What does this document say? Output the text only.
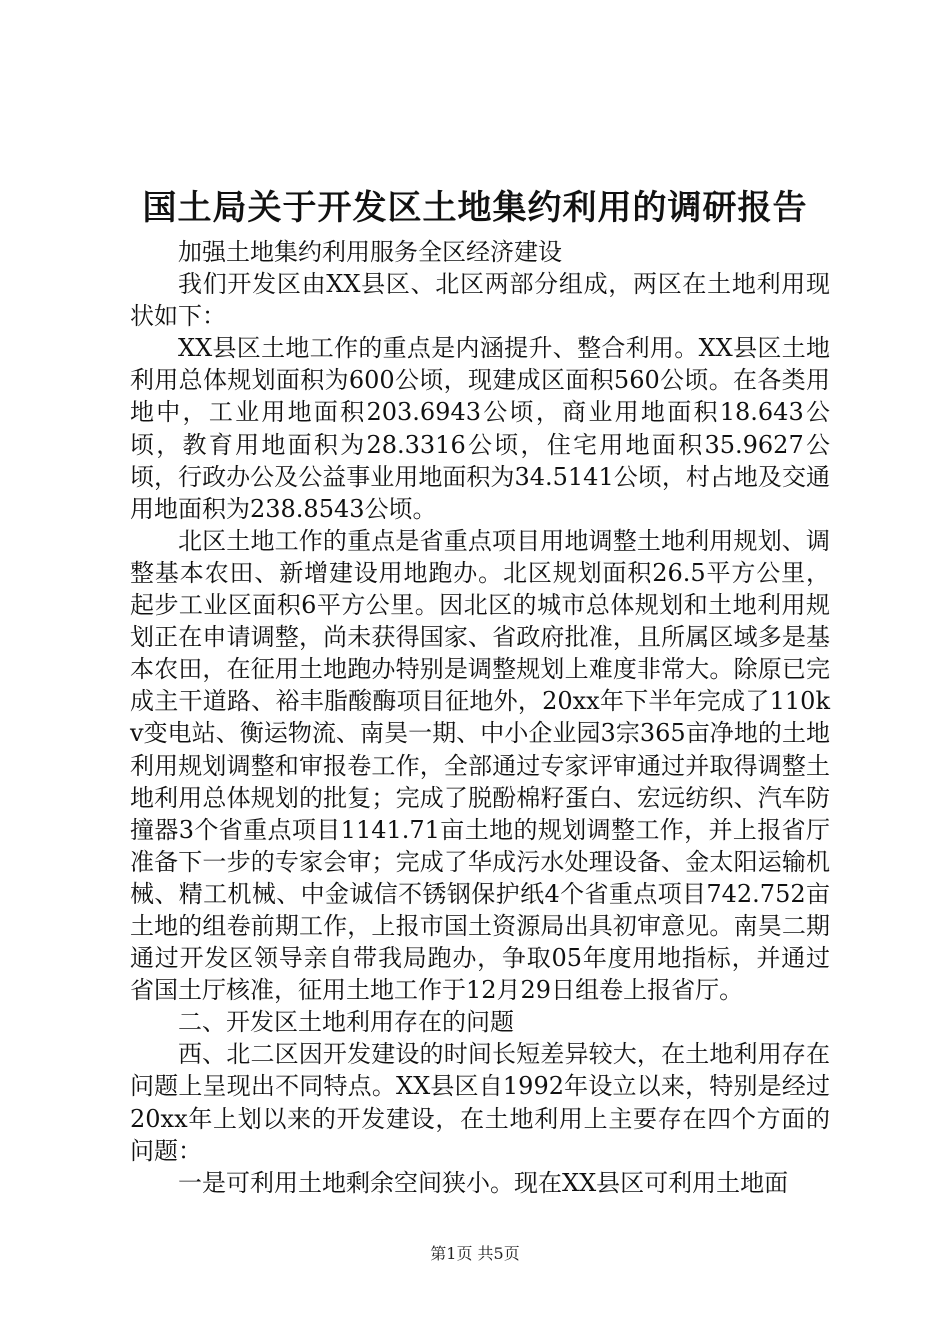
国土局关于开发区土地集约利用的调研报告

加强土地集约利用服务全区经济建设

我们开发区由XX县区、北区两部分组成，两区在土地利用现状如下：

XX县区土地工作的重点是内涵提升、整合利用。XX县区土地利用总体规划面积为600公顷，现建成区面积560公顷。在各类用地中，工业用地面积203.6943公顷，商业用地面积18.643公顷，教育用地面积为28.3316公顷，住宅用地面积35.9627公顷，行政办公及公益事业用地面积为34.5141公顷，村占地及交通用地面积为238.8543公顷。

北区土地工作的重点是省重点项目用地调整土地利用规划、调整基本农田、新增建设用地跑办。北区规划面积26.5平方公里，起步工业区面积6平方公里。因北区的城市总体规划和土地利用规划正在申请调整，尚未获得国家、省政府批准，且所属区域多是基本农田，在征用土地跑办特别是调整规划上难度非常大。除原已完成主干道路、裕丰脂酸酶项目征地外，20xx年下半年完成了110kv变电站、衡运物流、南昊一期、中小企业园3宗365亩净地的土地利用规划调整和审报卷工作，全部通过专家评审通过并取得调整土地利用总体规划的批复；完成了脱酚棉籽蛋白、宏远纺织、汽车防撞器3个省重点项目1141.71亩土地的规划调整工作，并上报省厅准备下一步的专家会审；完成了华成污水处理设备、金太阳运输机械、精工机械、中金诚信不锈钢保护纸4个省重点项目742.752亩土地的组卷前期工作，上报市国土资源局出具初审意见。南昊二期通过开发区领导亲自带我局跑办，争取05年度用地指标，并通过省国土厅核准，征用土地工作于12月29日组卷上报省厅。

二、开发区土地利用存在的问题

西、北二区因开发建设的时间长短差异较大，在土地利用存在问题上呈现出不同特点。XX县区自1992年设立以来，特别是经过20xx年上划以来的开发建设，在土地利用上主要存在四个方面的问题：

一是可利用土地剩余空间狭小。现在XX县区可利用土地面

第1页 共5页
